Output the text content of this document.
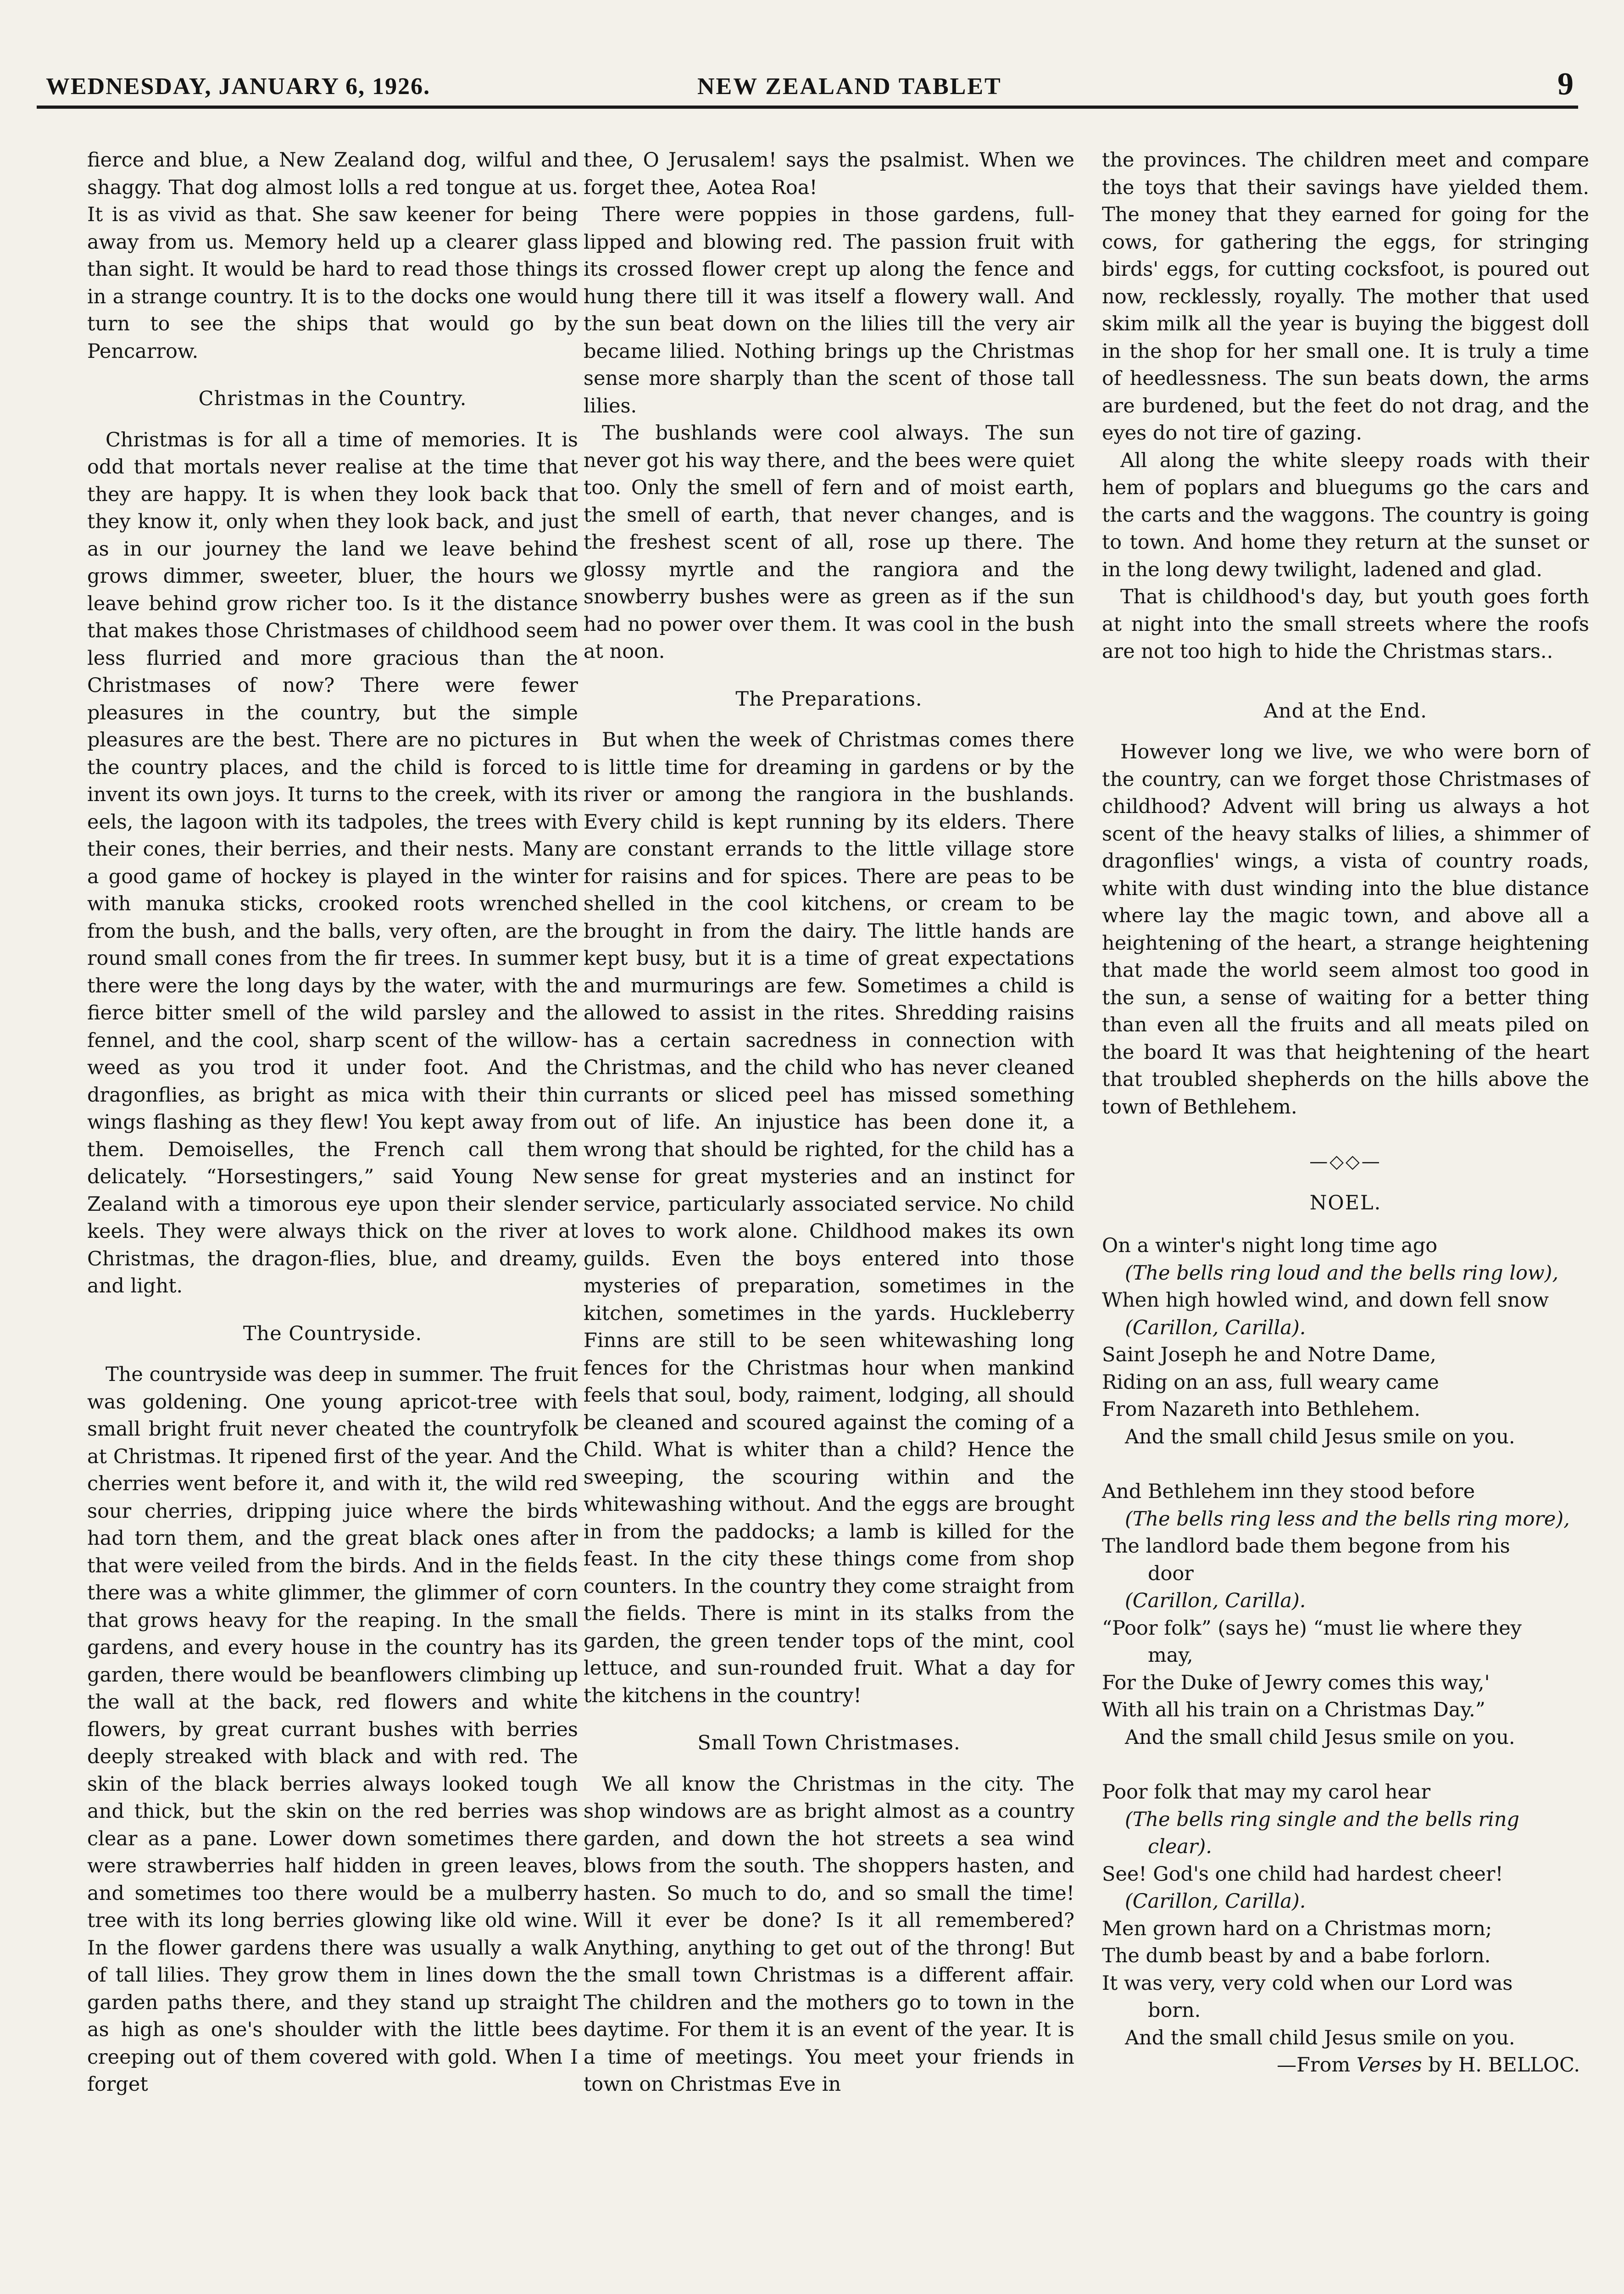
WEDNESDAY, JANUARY 6, 1926.	NEW ZEALAND TABLET	9

fierce and blue, a New Zealand dog, wilful and shaggy. That dog almost lolls a red tongue at us. It is as vivid as that. She saw keener for being away from us. Memory held up a clearer glass than sight. It would be hard to read those things in a strange country. It is to the docks one would turn to see the ships that would go by Pencarrow.

Christmas in the Country.

Christmas is for all a time of memories. It is odd that mortals never realise at the time that they are happy. It is when they look back that they know it, only when they look back, and just as in our journey the land we leave behind grows dimmer, sweeter, bluer, the hours we leave behind grow richer too. Is it the distance that makes those Christmases of childhood seem less flurried and more gracious than the Christmases of now? There were fewer pleasures in the country, but the simple pleasures are the best. There are no pictures in the country places, and the child is forced to invent its own joys. It turns to the creek, with its eels, the lagoon with its tadpoles, the trees with their cones, their berries, and their nests. Many a good game of hockey is played in the winter with manuka sticks, crooked roots wrenched from the bush, and the balls, very often, are the round small cones from the fir trees. In summer there were the long days by the water, with the fierce bitter smell of the wild parsley and the fennel, and the cool, sharp scent of the willow-weed as you trod it under foot. And the dragonflies, as bright as mica with their thin wings flashing as they flew! You kept away from them. Demoiselles, the French call them delicately. “Horsestingers,” said Young New Zealand with a timorous eye upon their slender keels. They were always thick on the river at Christmas, the dragon-flies, blue, and dreamy, and light.

The Countryside.

The countryside was deep in summer. The fruit was goldening. One young apricot-tree with small bright fruit never cheated the countryfolk at Christmas. It ripened first of the year. And the cherries went before it, and with it, the wild red sour cherries, dripping juice where the birds had torn them, and the great black ones after that were veiled from the birds. And in the fields there was a white glimmer, the glimmer of corn that grows heavy for the reaping. In the small gardens, and every house in the country has its garden, there would be beanflowers climbing up the wall at the back, red flowers and white flowers, by great currant bushes with berries deeply streaked with black and with red. The skin of the black berries always looked tough and thick, but the skin on the red berries was clear as a pane. Lower down sometimes there were strawberries half hidden in green leaves, and sometimes too there would be a mulberry tree with its long berries glowing like old wine. In the flower gardens there was usually a walk of tall lilies. They grow them in lines down the garden paths there, and they stand up straight as high as one's shoulder with the little bees creeping out of them covered with gold. When I forget

thee, O Jerusalem! says the psalmist. When we forget thee, Aotea Roa!

There were poppies in those gardens, full-lipped and blowing red. The passion fruit with its crossed flower crept up along the fence and hung there till it was itself a flowery wall. And the sun beat down on the lilies till the very air became lilied. Nothing brings up the Christmas sense more sharply than the scent of those tall lilies.

The bushlands were cool always. The sun never got his way there, and the bees were quiet too. Only the smell of fern and of moist earth, the smell of earth, that never changes, and is the freshest scent of all, rose up there. The glossy myrtle and the rangiora and the snowberry bushes were as green as if the sun had no power over them. It was cool in the bush at noon.

The Preparations.

But when the week of Christmas comes there is little time for dreaming in gardens or by the river or among the rangiora in the bushlands. Every child is kept running by its elders. There are constant errands to the little village store for raisins and for spices. There are peas to be shelled in the cool kitchens, or cream to be brought in from the dairy. The little hands are kept busy, but it is a time of great expectations and murmurings are few. Sometimes a child is allowed to assist in the rites. Shredding raisins has a certain sacredness in connection with Christmas, and the child who has never cleaned currants or sliced peel has missed something out of life. An injustice has been done it, a wrong that should be righted, for the child has a sense for great mysteries and an instinct for service, particularly associated service. No child loves to work alone. Childhood makes its own guilds. Even the boys entered into those mysteries of preparation, sometimes in the kitchen, sometimes in the yards. Huckleberry Finns are still to be seen whitewashing long fences for the Christmas hour when mankind feels that soul, body, raiment, lodging, all should be cleaned and scoured against the coming of a Child. What is whiter than a child? Hence the sweeping, the scouring within and the whitewashing without. And the eggs are brought in from the paddocks; a lamb is killed for the feast. In the city these things come from shop counters. In the country they come straight from the fields. There is mint in its stalks from the garden, the green tender tops of the mint, cool lettuce, and sun-rounded fruit. What a day for the kitchens in the country!

Small Town Christmases.

We all know the Christmas in the city. The shop windows are as bright almost as a country garden, and down the hot streets a sea wind blows from the south. The shoppers hasten, and hasten. So much to do, and so small the time! Will it ever be done? Is it all remembered? Anything, anything to get out of the throng! But the small town Christmas is a different affair. The children and the mothers go to town in the daytime. For them it is an event of the year. It is a time of meetings. You meet your friends in town on Christmas Eve in

the provinces. The children meet and compare the toys that their savings have yielded them. The money that they earned for going for the cows, for gathering the eggs, for stringing birds' eggs, for cutting cocksfoot, is poured out now, recklessly, royally. The mother that used skim milk all the year is buying the biggest doll in the shop for her small one. It is truly a time of heedlessness. The sun beats down, the arms are burdened, but the feet do not drag, and the eyes do not tire of gazing.

All along the white sleepy roads with their hem of poplars and bluegums go the cars and the carts and the waggons. The country is going to town. And home they return at the sunset or in the long dewy twilight, ladened and glad.

That is childhood's day, but youth goes forth at night into the small streets where the roofs are not too high to hide the Christmas stars..

And at the End.

However long we live, we who were born of the country, can we forget those Christmases of childhood? Advent will bring us always a hot scent of the heavy stalks of lilies, a shimmer of dragonflies' wings, a vista of country roads, white with dust winding into the blue distance where lay the magic town, and above all a heightening of the heart, a strange heightening that made the world seem almost too good in the sun, a sense of waiting for a better thing than even all the fruits and all meats piled on the board It was that heightening of the heart that troubled shepherds on the hills above the town of Bethlehem.

—◇◇—
NOEL.
On a winter's night long time ago
(The bells ring loud and the bells ring low),
When high howled wind, and down fell snow
(Carillon, Carilla).
Saint Joseph he and Notre Dame,
Riding on an ass, full weary came
From Nazareth into Bethlehem.
And the small child Jesus smile on you.
And Bethlehem inn they stood before
(The bells ring less and the bells ring more),
The landlord bade them begone from his
door
(Carillon, Carilla).
“Poor folk” (says he) “must lie where they
may,
For the Duke of Jewry comes this way,'
With all his train on a Christmas Day.”
And the small child Jesus smile on you.
Poor folk that may my carol hear
(The bells ring single and the bells ring
clear).
See! God's one child had hardest cheer!
(Carillon, Carilla).
Men grown hard on a Christmas morn;
The dumb beast by and a babe forlorn.
It was very, very cold when our Lord was
born.
And the small child Jesus smile on you.
—From Verses by H. BELLOC.
